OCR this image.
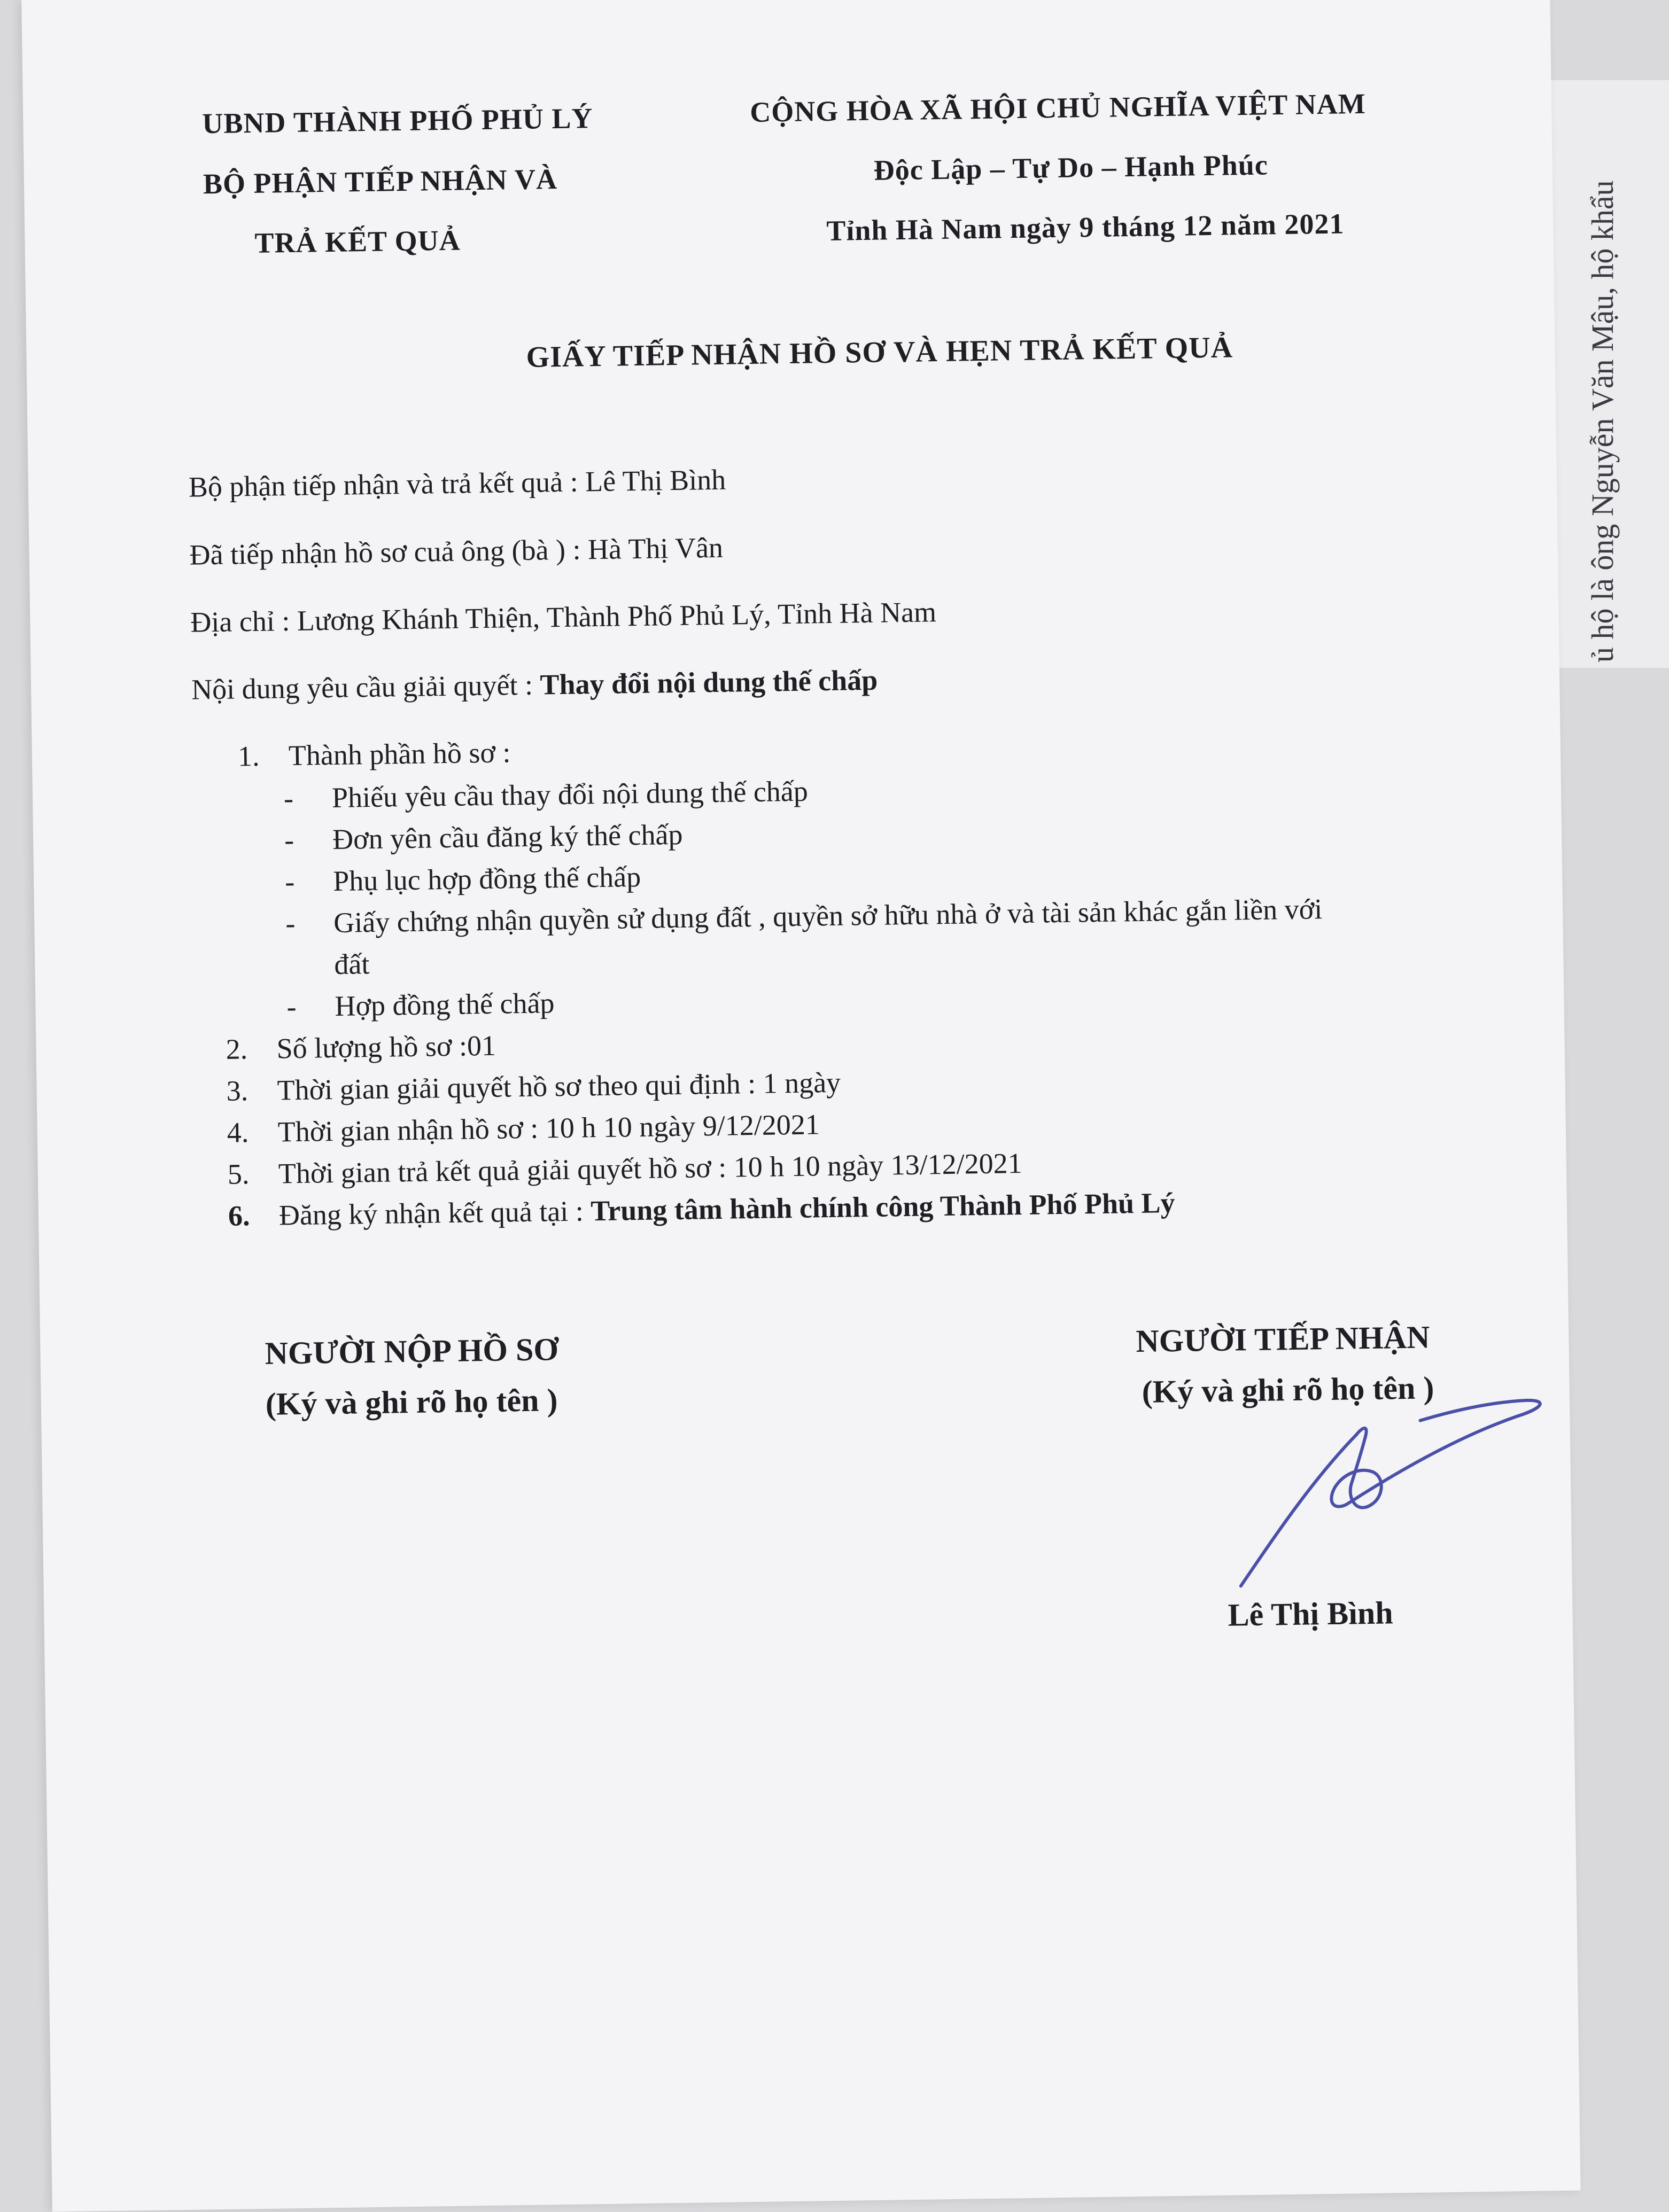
ủ hộ là ông Nguyễn Văn Mậu, hộ khẩu
UBND THÀNH PHỐ PHỦ LÝ
BỘ PHẬN TIẾP NHẬN VÀ
TRẢ KẾT QUẢ
CỘNG HÒA XÃ HỘI CHỦ NGHĨA VIỆT NAM
Độc Lập – Tự Do – Hạnh Phúc
Tỉnh Hà Nam ngày 9 tháng 12 năm 2021
GIẤY TIẾP NHẬN HỒ SƠ VÀ HẸN TRẢ KẾT QUẢ
Bộ phận tiếp nhận và trả kết quả : Lê Thị Bình
Đã tiếp nhận hồ sơ cuả ông (bà ) : Hà Thị Vân
Địa chỉ : Lương Khánh Thiện, Thành Phố Phủ Lý, Tỉnh Hà Nam
Nội dung yêu cầu giải quyết : Thay đổi nội dung thế chấp
1. Thành phần hồ sơ :
- Phiếu yêu cầu thay đổi nội dung thế chấp
- Đơn yên cầu đăng ký thế chấp
- Phụ lục hợp đồng thế chấp
- Giấy chứng nhận quyền sử dụng đất , quyền sở hữu nhà ở và tài sản khác gắn liền với
đất
- Hợp đồng thế chấp
2. Số lượng hồ sơ :01
3. Thời gian giải quyết hồ sơ theo qui định : 1 ngày
4. Thời gian nhận hồ sơ : 10 h 10 ngày 9/12/2021
5. Thời gian trả kết quả giải quyết hồ sơ : 10 h 10 ngày 13/12/2021
6. Đăng ký nhận kết quả tại : Trung tâm hành chính công Thành Phố Phủ Lý
NGƯỜI NỘP HỒ SƠ
(Ký và ghi rõ họ tên )
NGƯỜI TIẾP NHẬN
(Ký và ghi rõ họ tên )
Lê Thị Bình
